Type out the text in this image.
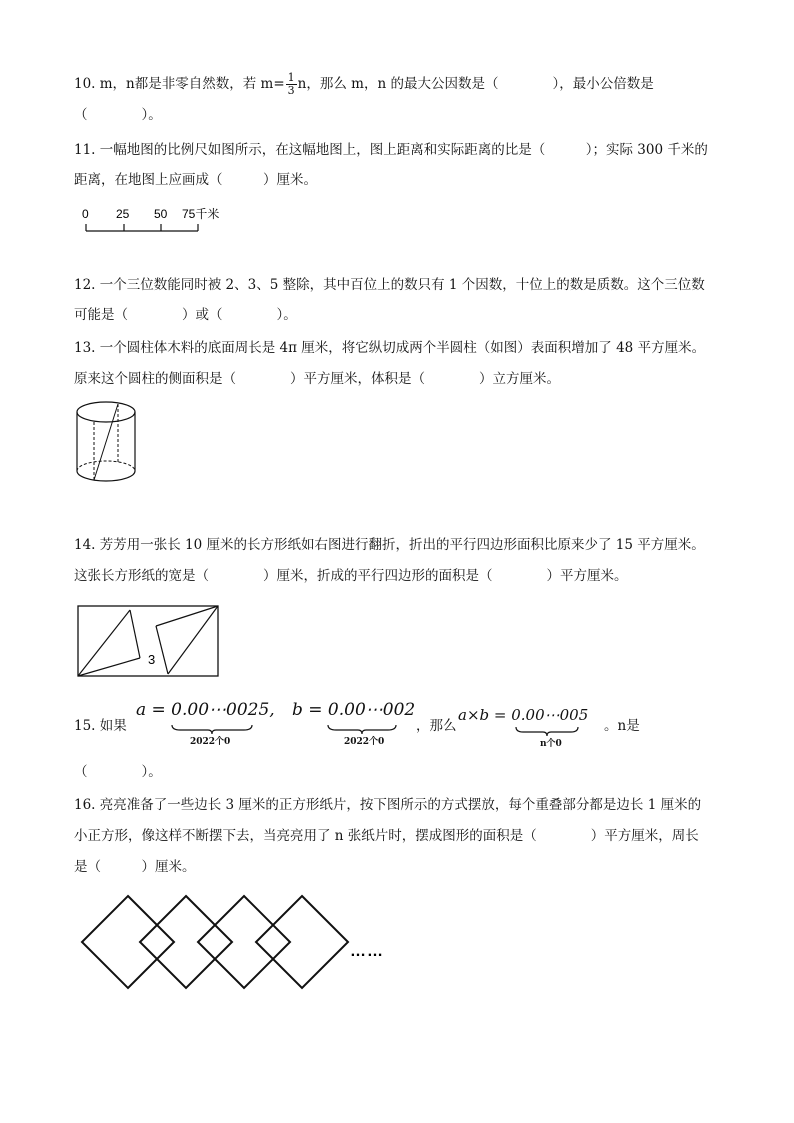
10. m，n都是非零自然数，若 $m= \frac{1}{3}$ n，那么 m，n 的最大公因数是（　　　　），最小公倍数是
（　　　　）。
11. 一幅地图的比例尺如图所示，在这幅地图上，图上距离和实际距离的比是（　　　）；实际 300 千米的
距离，在地图上应画成（　　　）厘米。
0 25 50 75千米
12. 一个三位数能同时被 2、3、5 整除，其中百位上的数只有 1 个因数，十位上的数是质数。这个三位数
可能是（　　　　）或（　　　　）。
13. 一个圆柱体木料的底面周长是 4π 厘米，将它纵切成两个半圆柱（如图）表面积增加了 48 平方厘米。
原来这个圆柱的侧面积是（　　　　）平方厘米，体积是（　　　　）立方厘米。
14. 芳芳用一张长 10 厘米的长方形纸如右图进行翻折，折出的平行四边形面积比原来少了 15 平方厘米。
这张长方形纸的宽是（　　　　）厘米，折成的平行四边形的面积是（　　　　）平方厘米。
3
15. 如果
a = 0.00⋯0025,
2022个0
b = 0.00⋯002
2022个0
，那么
a×b = 0.00⋯005
n个0
。n是
（　　　　）。
16. 亮亮准备了一些边长 3 厘米的正方形纸片，按下图所示的方式摆放，每个重叠部分都是边长 1 厘米的
小正方形，像这样不断摆下去，当亮亮用了 n 张纸片时，摆成图形的面积是（　　　　）平方厘米，周长
是（　　　）厘米。
……
